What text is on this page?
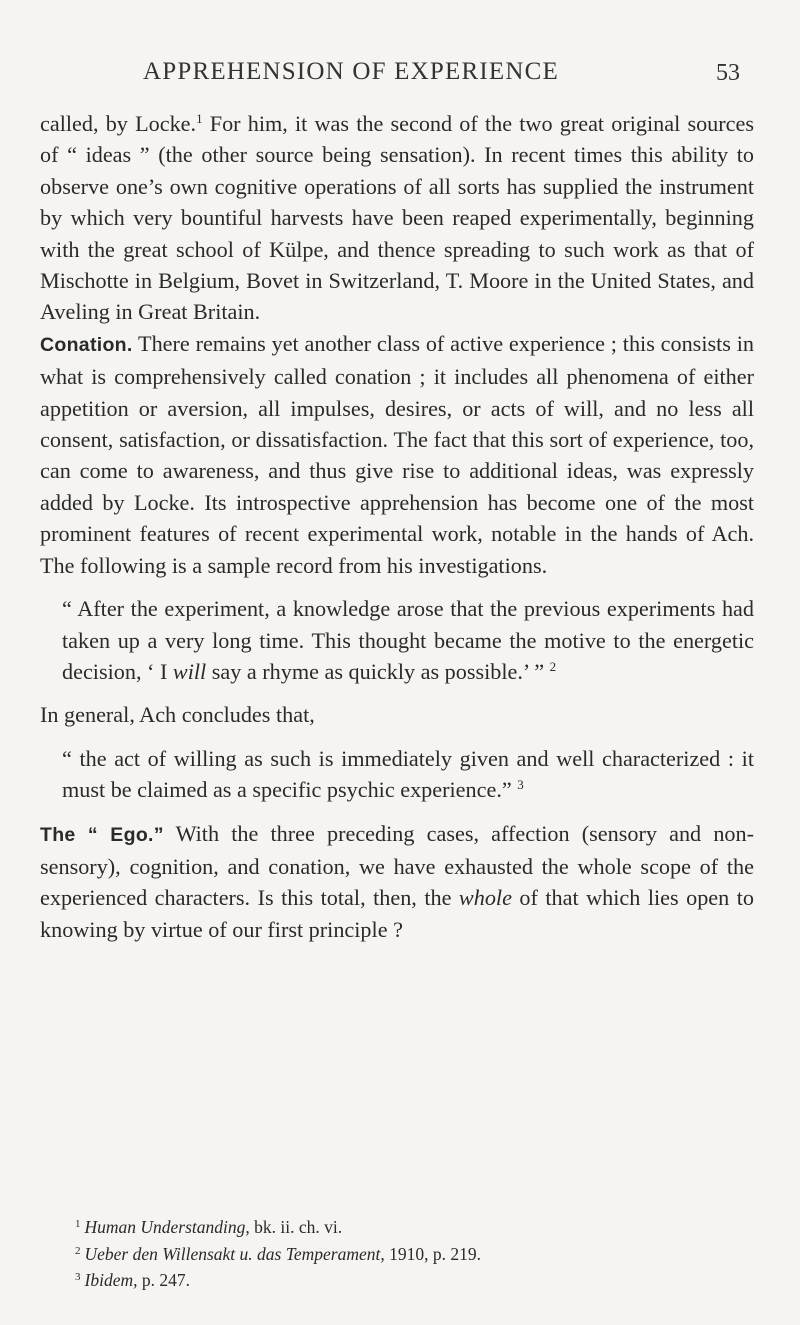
APPREHENSION OF EXPERIENCE	53

called, by Locke.$^1$ For him, it was the second of the two great original sources of “ ideas ” (the other source being sensation). In recent times this ability to observe one’s own cognitive operations of all sorts has supplied the instrument by which very bountiful harvests have been reaped experimentally, beginning with the great school of Külpe, and thence spreading to such work as that of Mischotte in Belgium, Bovet in Switzerland, T. Moore in the United States, and Aveling in Great Britain.

Conation. There remains yet another class of active experience ; this consists in what is comprehensively called conation ; it includes all phenomena of either appetition or aversion, all impulses, desires, or acts of will, and no less all consent, satisfaction, or dissatisfaction. The fact that this sort of experience, too, can come to awareness, and thus give rise to additional ideas, was expressly added by Locke. Its introspective apprehension has become one of the most prominent features of recent experimental work, notable in the hands of Ach. The following is a sample record from his investigations.

“ After the experiment, a knowledge arose that the previous experiments had taken up a very long time. This thought became the motive to the energetic decision, ‘ I will say a rhyme as quickly as possible.’ ” $^2$

In general, Ach concludes that,

“ the act of willing as such is immediately given and well characterized : it must be claimed as a specific psychic experience.” $^3$

The “ Ego.” With the three preceding cases, affection (sensory and non-sensory), cognition, and conation, we have exhausted the whole scope of the experienced characters. Is this total, then, the whole of that which lies open to knowing by virtue of our first principle ?

$^1$ Human Understanding, bk. ii. ch. vi.

$^2$ Ueber den Willensakt u. das Temperament, 1910, p. 219.

$^3$ Ibidem, p. 247.
